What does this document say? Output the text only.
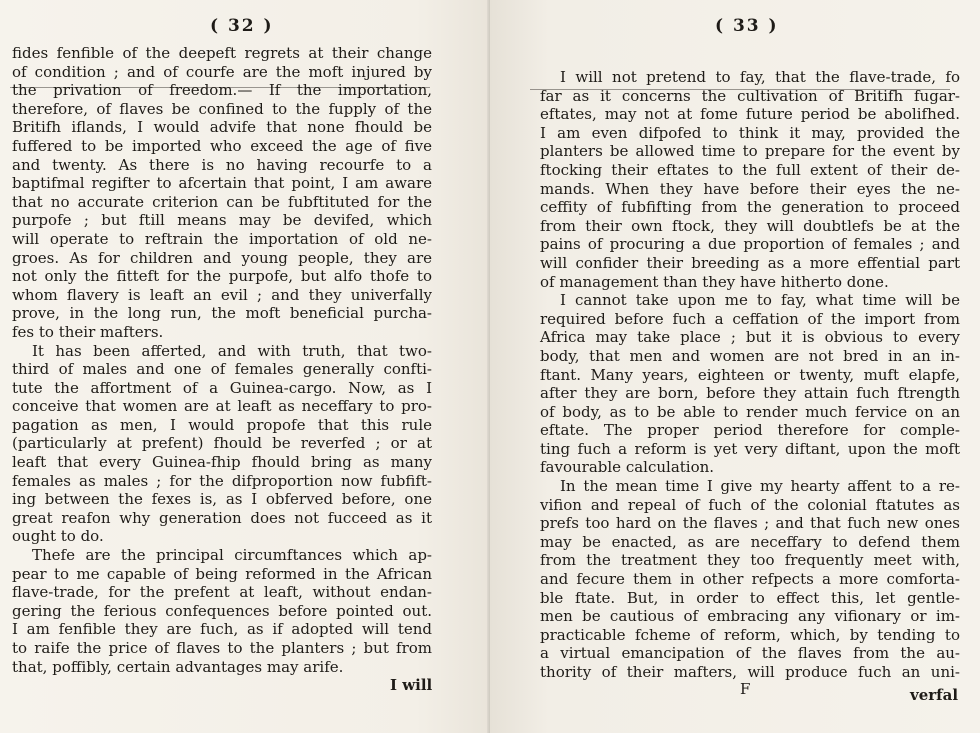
( 32 )
fides fenfible of the deepeft regrets at their change
of condition ; and of courfe are the moft injured by
the privation of freedom.— If the importation,
therefore, of flaves be confined to the fupply of the
Britifh iflands, I would advife that none fhould be
fuffered to be imported who exceed the age of five
and twenty. As there is no having recourfe to a
baptifmal regifter to afcertain that point, I am aware
that no accurate criterion can be fubftituted for the
purpofe ; but ftill means may be devifed, which
will operate to reftrain the importation of old ne-
groes. As for children and young people, they are
not only the fitteft for the purpofe, but alfo thofe to
whom flavery is leaft an evil ; and they univerfally
prove, in the long run, the moft beneficial purcha-
fes to their mafters.
It has been afferted, and with truth, that two-
third of males and one of females generally confti-
tute the affortment of a Guinea-cargo. Now, as I
conceive that women are at leaft as neceffary to pro-
pagation as men, I would propofe that this rule
(particularly at prefent) fhould be reverfed ; or at
leaft that every Guinea-fhip fhould bring as many
females as males ; for the difproportion now fubfift-
ing between the fexes is, as I obferved before, one
great reafon why generation does not fucceed as it
ought to do.
Thefe are the principal circumftances which ap-
pear to me capable of being reformed in the African
flave-trade, for the prefent at leaft, without endan-
gering the ferious confequences before pointed out.
I am fenfible they are fuch, as if adopted will tend
to raife the price of flaves to the planters ; but from
that, poffibly, certain advantages may arife.
I will
( 33 )
I will not pretend to fay, that the flave-trade, fo
far as it concerns the cultivation of Britifh fugar-
eftates, may not at fome future period be abolifhed.
I am even difpofed to think it may, provided the
planters be allowed time to prepare for the event by
ftocking their eftates to the full extent of their de-
mands. When they have before their eyes the ne-
ceffity of fubfifting from the generation to proceed
from their own ftock, they will doubtlefs be at the
pains of procuring a due proportion of females ; and
will confider their breeding as a more effential part
of management than they have hitherto done.
I cannot take upon me to fay, what time will be
required before fuch a ceffation of the import from
Africa may take place ; but it is obvious to every
body, that men and women are not bred in an in-
ftant. Many years, eighteen or twenty, muft elapfe,
after they are born, before they attain fuch ftrength
of body, as to be able to render much fervice on an
eftate. The proper period therefore for comple-
ting fuch a reform is yet very diftant, upon the moft
favourable calculation.
In the mean time I give my hearty affent to a re-
vifion and repeal of fuch of the colonial ftatutes as
prefs too hard on the flaves ; and that fuch new ones
may be enacted, as are neceffary to defend them
from the treatment they too frequently meet with,
and fecure them in other refpects a more comforta-
ble ftate. But, in order to effect this, let gentle-
men be cautious of embracing any vifionary or im-
practicable fcheme of reform, which, by tending to
a virtual emancipation of the flaves from the au-
thority of their mafters, will produce fuch an uni-
F	verfal
